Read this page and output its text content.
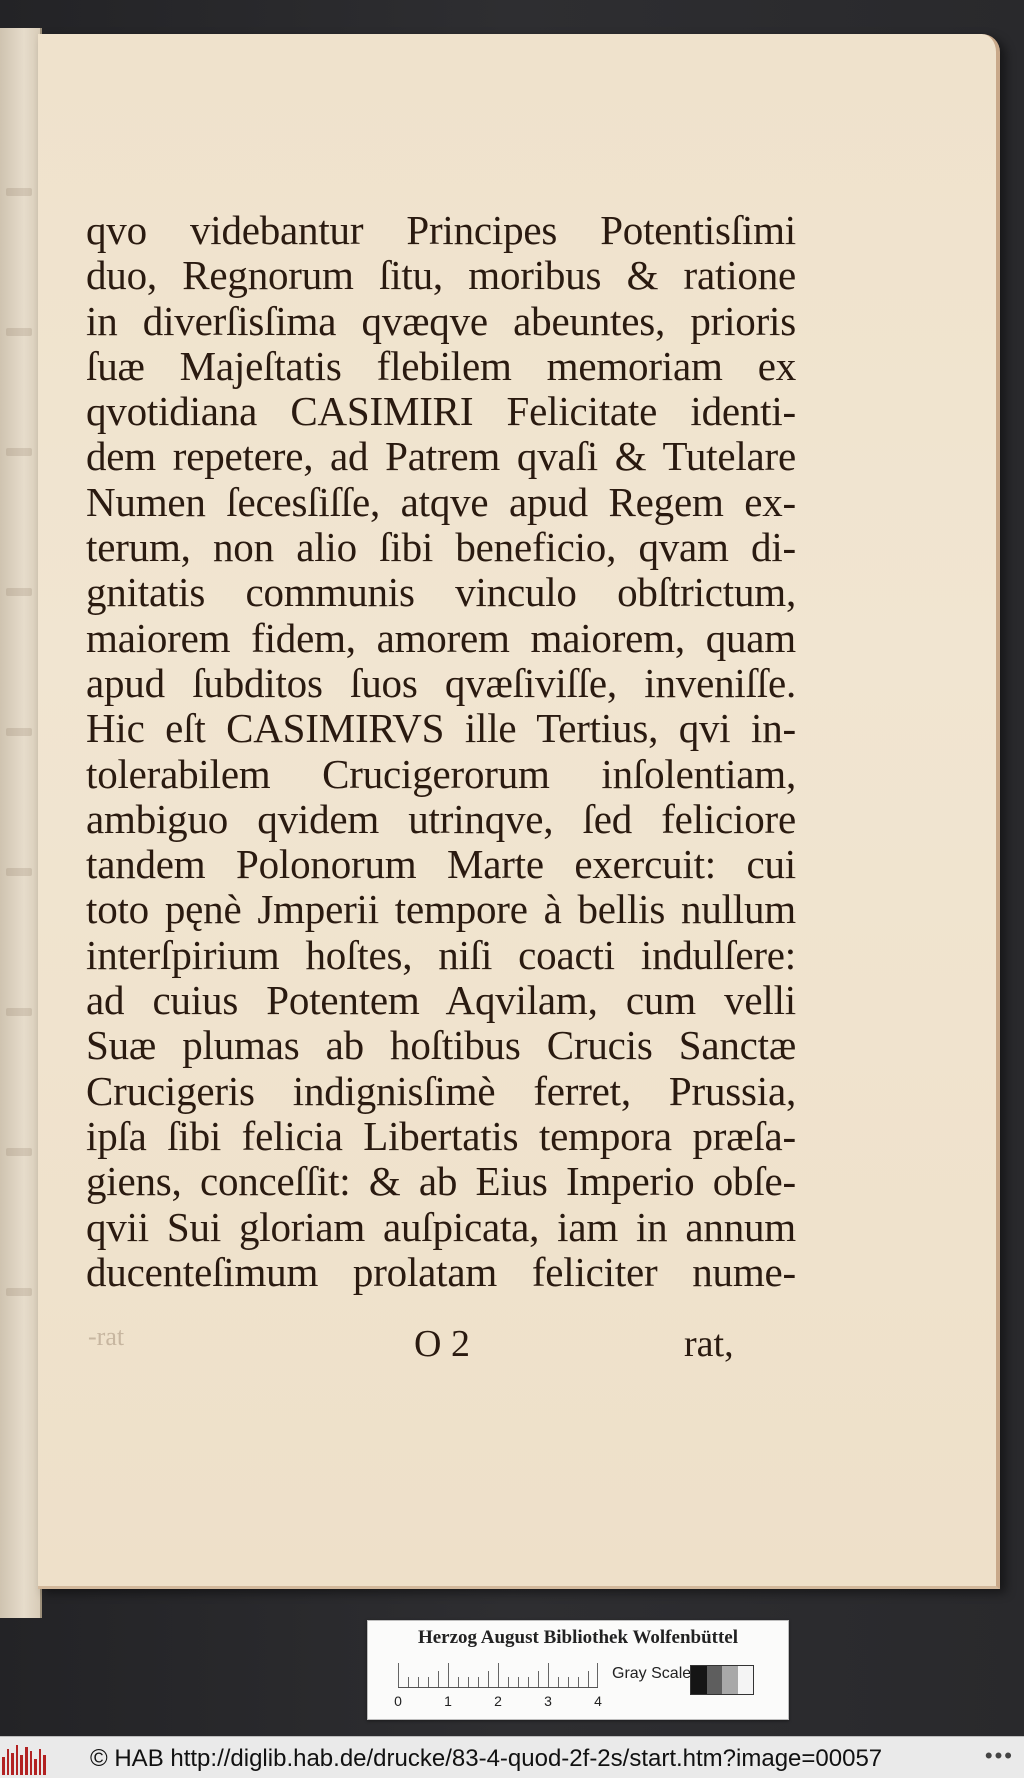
qvo videbantur Principes Potentisſimi
duo, Regnorum ſitu, moribus & ratione
in diverſisſima qvæqve abeuntes, prioris
ſuæ Majeſtatis flebilem memoriam ex
qvotidiana CASIMIRI Felicitate identi-
dem repetere, ad Patrem qvaſi & Tutelare
Numen ſecesſiſſe, atqve apud Regem ex-
terum, non alio ſibi beneficio, qvam di-
gnitatis communis vinculo obſtrictum,
maiorem fidem, amorem maiorem, quam
apud ſubditos ſuos qvæſiviſſe, inveniſſe.
Hic eſt CASIMIRVS ille Tertius, qvi in-
tolerabilem Crucigerorum inſolentiam,
ambiguo qvidem utrinqve, ſed feliciore
tandem Polonorum Marte exercuit: cui
toto pęnè Jmperii tempore à bellis nullum
interſpirium hoſtes, niſi coacti indulſere:
ad cuius Potentem Aqvilam, cum velli
Suæ plumas ab hoſtibus Crucis Sanctæ
Crucigeris indignisſimè ferret, Prussia,
ipſa ſibi felicia Libertatis tempora præſa-
giens, conceſſit: & ab Eius Imperio obſe-
qvii Sui gloriam auſpicata, iam in annum
ducenteſimum prolatam feliciter nume-
-rat	O 2	rat,
Herzog August Bibliothek Wolfenbüttel
0	1	2	3	4
Gray Scale
© HAB http://diglib.hab.de/drucke/83-4-quod-2f-2s/start.htm?image=00057	•••
